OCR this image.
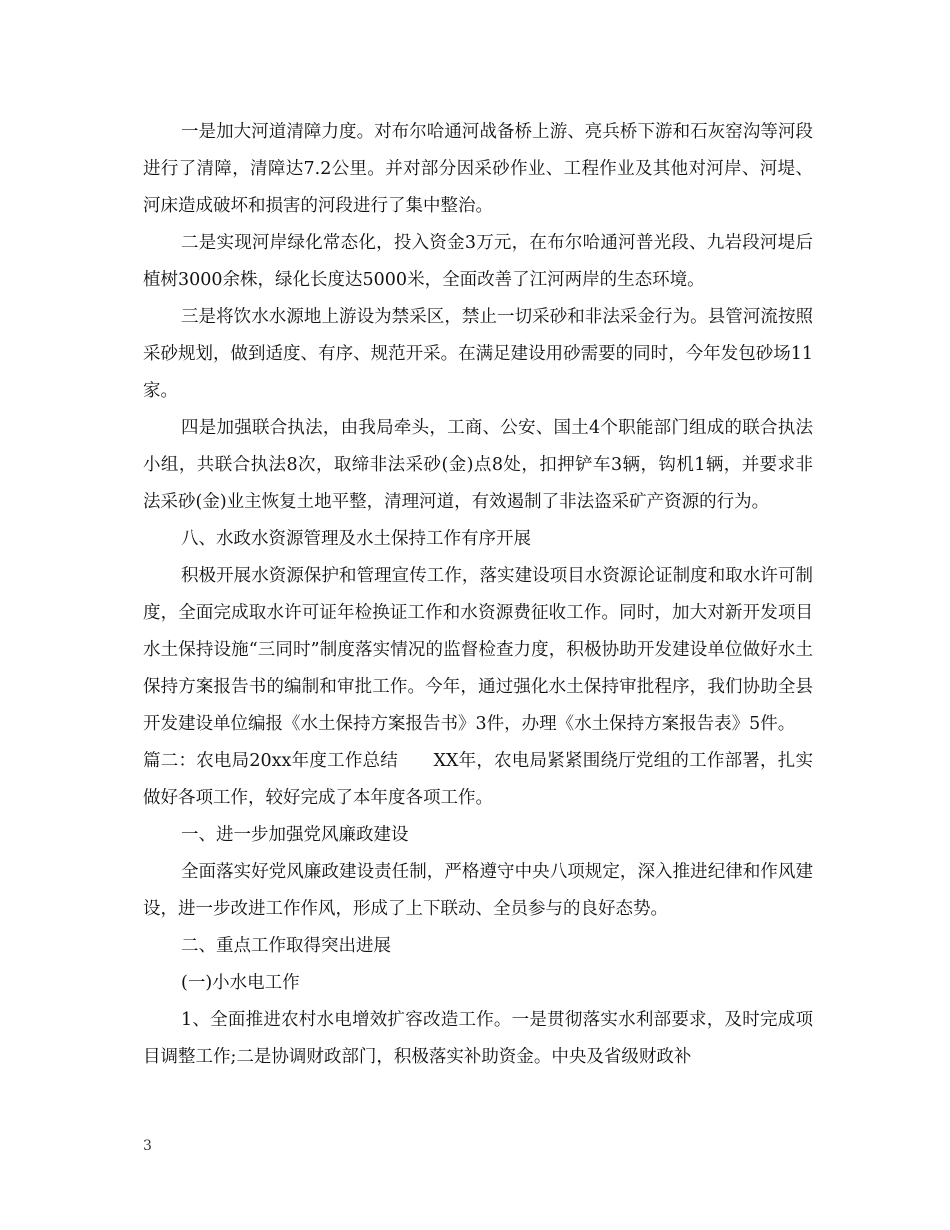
一是加大河道清障力度。对布尔哈通河战备桥上游、亮兵桥下游和石灰窑沟等河段进行了清障，清障达7.2公里。并对部分因采砂作业、工程作业及其他对河岸、河堤、河床造成破坏和损害的河段进行了集中整治。

二是实现河岸绿化常态化，投入资金3万元，在布尔哈通河普光段、九岩段河堤后植树3000余株，绿化长度达5000米，全面改善了江河两岸的生态环境。

三是将饮水水源地上游设为禁采区，禁止一切采砂和非法采金行为。县管河流按照采砂规划，做到适度、有序、规范开采。在满足建设用砂需要的同时，今年发包砂场11家。

四是加强联合执法，由我局牵头，工商、公安、国土4个职能部门组成的联合执法小组，共联合执法8次，取缔非法采砂(金)点8处，扣押铲车3辆，钩机1辆，并要求非法采砂(金)业主恢复土地平整，清理河道，有效遏制了非法盗采矿产资源的行为。

八、水政水资源管理及水土保持工作有序开展

积极开展水资源保护和管理宣传工作，落实建设项目水资源论证制度和取水许可制度，全面完成取水许可证年检换证工作和水资源费征收工作。同时，加大对新开发项目水土保持设施“三同时”制度落实情况的监督检查力度，积极协助开发建设单位做好水土保持方案报告书的编制和审批工作。今年，通过强化水土保持审批程序，我们协助全县开发建设单位编报《水土保持方案报告书》3件，办理《水土保持方案报告表》5件。

篇二：农电局20xx年度工作总结　　XX年，农电局紧紧围绕厅党组的工作部署，扎实做好各项工作，较好完成了本年度各项工作。

一、进一步加强党风廉政建设

全面落实好党风廉政建设责任制，严格遵守中央八项规定，深入推进纪律和作风建设，进一步改进工作作风，形成了上下联动、全员参与的良好态势。

二、重点工作取得突出进展

(一)小水电工作

1、全面推进农村水电增效扩容改造工作。一是贯彻落实水利部要求，及时完成项目调整工作;二是协调财政部门，积极落实补助资金。中央及省级财政补

3
